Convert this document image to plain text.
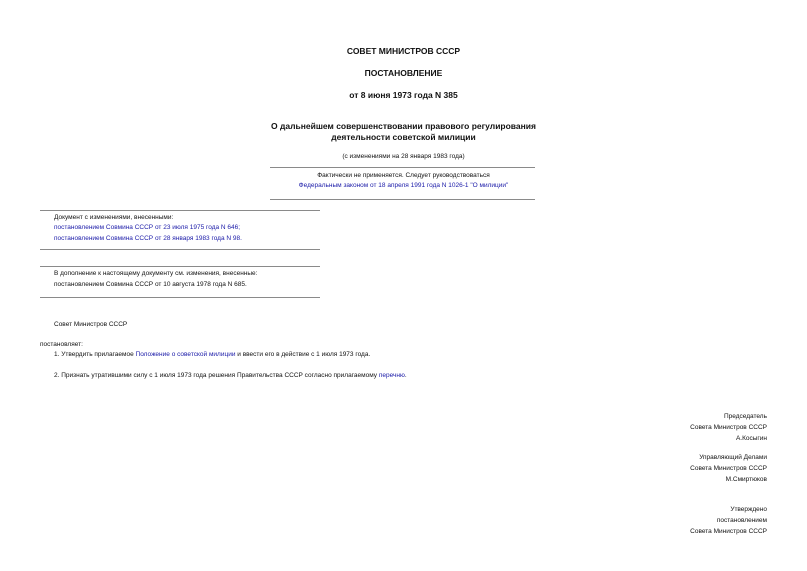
СОВЕТ МИНИСТРОВ СССР
ПОСТАНОВЛЕНИЕ
от 8 июня 1973 года N 385
О дальнейшем совершенствовании правового регулирования
деятельности советской милиции
(с изменениями на 28 января 1983 года)
Фактически не применяется. Следует руководствоваться
Федеральным законом от 18 апреля 1991 года N 1026-1 "О милиции"
Документ с изменениями, внесенными:
постановлением Совмина СССР от 23 июля 1975 года N 646;
постановлением Совмина СССР от 28 января 1983 года N 98.
В дополнение к настоящему документу см. изменения, внесенные:
постановлением Совмина СССР от 10 августа 1978 года N 685.
Совет Министров СССР
постановляет:
1. Утвердить прилагаемое Положение о советской милиции и ввести его в действие с 1 июля 1973 года.
2. Признать утратившими силу с 1 июля 1973 года решения Правительства СССР согласно прилагаемому перечню.
Председатель
Совета Министров СССР
А.Косыгин
Управляющий Делами
Совета Министров СССР
М.Смиртюков
Утверждено
постановлением
Совета Министров СССР
